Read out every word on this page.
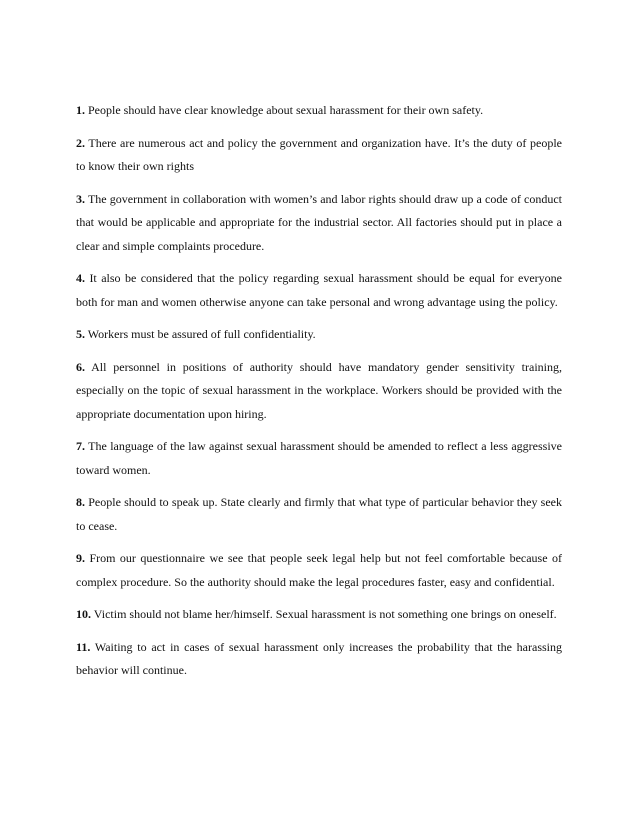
1. People should have clear knowledge about sexual harassment for their own safety.

2. There are numerous act and policy the government and organization have. It’s the duty of people to know their own rights

3. The government in collaboration with women’s and labor rights should draw up a code of conduct that would be applicable and appropriate for the industrial sector. All factories should put in place a clear and simple complaints procedure.

4. It also be considered that the policy regarding sexual harassment should be equal for everyone both for man and women otherwise anyone can take personal and wrong advantage using the policy.

5. Workers must be assured of full confidentiality.

6. All personnel in positions of authority should have mandatory gender sensitivity training, especially on the topic of sexual harassment in the workplace. Workers should be provided with the appropriate documentation upon hiring.

7. The language of the law against sexual harassment should be amended to reflect a less aggressive toward women.

8. People should to speak up. State clearly and firmly that what type of particular behavior they seek to cease.

9. From our questionnaire we see that people seek legal help but not feel comfortable because of complex procedure. So the authority should make the legal procedures faster, easy and confidential.

10. Victim should not blame her/himself. Sexual harassment is not something one brings on oneself.

11. Waiting to act in cases of sexual harassment only increases the probability that the harassing behavior will continue.
